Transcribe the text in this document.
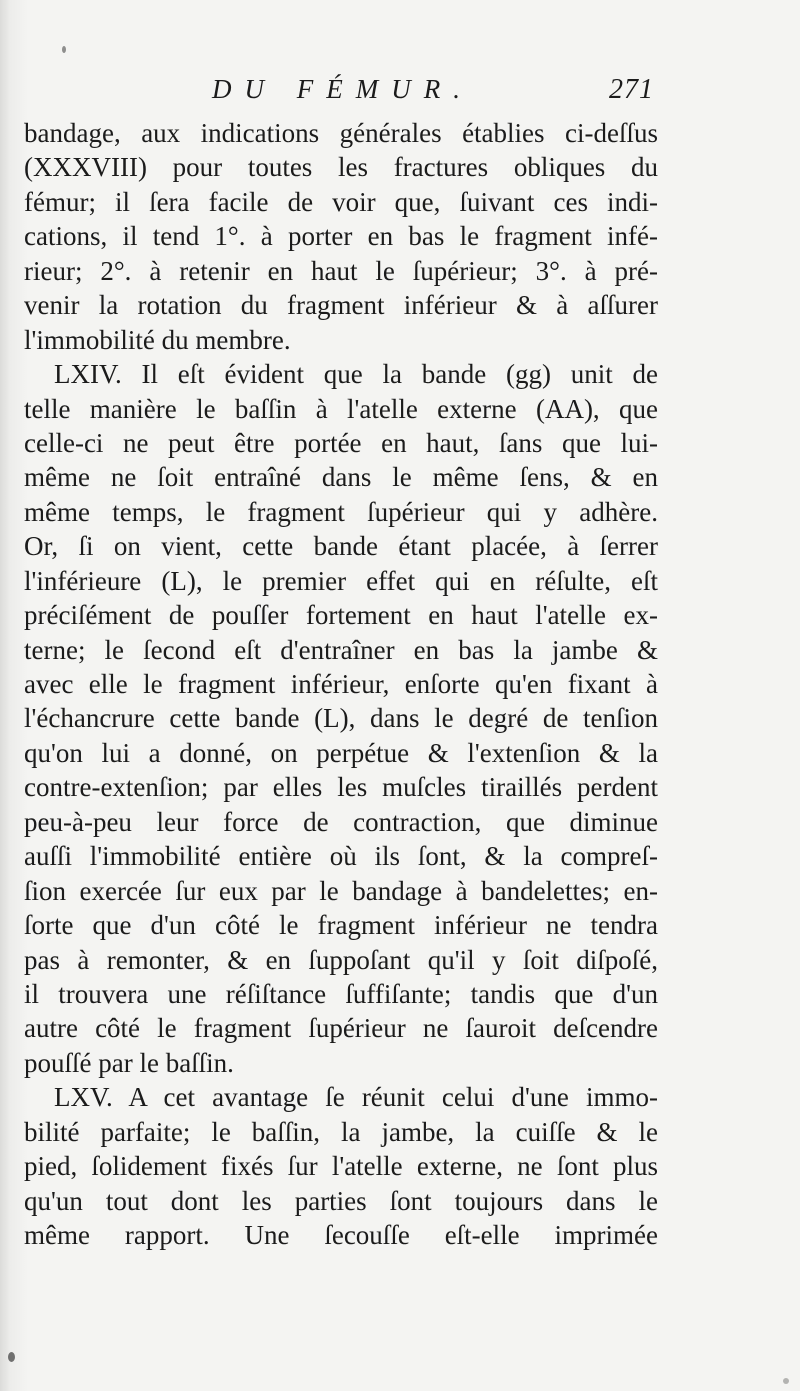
DU FÉMUR.	271
bandage, aux indications générales établies ci-deſſus
(XXXVIII) pour toutes les fractures obliques du
fémur; il ſera facile de voir que, ſuivant ces indi-
cations, il tend 1°. à porter en bas le fragment infé-
rieur; 2°. à retenir en haut le ſupérieur; 3°. à pré-
venir la rotation du fragment inférieur & à aſſurer
l'immobilité du membre.
LXIV. Il eſt évident que la bande (gg) unit de
telle manière le baſſin à l'atelle externe (AA), que
celle-ci ne peut être portée en haut, ſans que lui-
même ne ſoit entraîné dans le même ſens, & en
même temps, le fragment ſupérieur qui y adhère.
Or, ſi on vient, cette bande étant placée, à ſerrer
l'inférieure (L), le premier effet qui en réſulte, eſt
préciſément de pouſſer fortement en haut l'atelle ex-
terne; le ſecond eſt d'entraîner en bas la jambe &
avec elle le fragment inférieur, enſorte qu'en fixant à
l'échancrure cette bande (L), dans le degré de tenſion
qu'on lui a donné, on perpétue & l'extenſion & la
contre-extenſion; par elles les muſcles tiraillés perdent
peu-à-peu leur force de contraction, que diminue
auſſi l'immobilité entière où ils ſont, & la compreſ-
ſion exercée ſur eux par le bandage à bandelettes; en-
ſorte que d'un côté le fragment inférieur ne tendra
pas à remonter, & en ſuppoſant qu'il y ſoit diſpoſé,
il trouvera une réſiſtance ſuffiſante; tandis que d'un
autre côté le fragment ſupérieur ne ſauroit deſcendre
pouſſé par le baſſin.
LXV. A cet avantage ſe réunit celui d'une immo-
bilité parfaite; le baſſin, la jambe, la cuiſſe & le
pied, ſolidement fixés ſur l'atelle externe, ne ſont plus
qu'un tout dont les parties ſont toujours dans le
même rapport. Une ſecouſſe eſt-elle imprimée
